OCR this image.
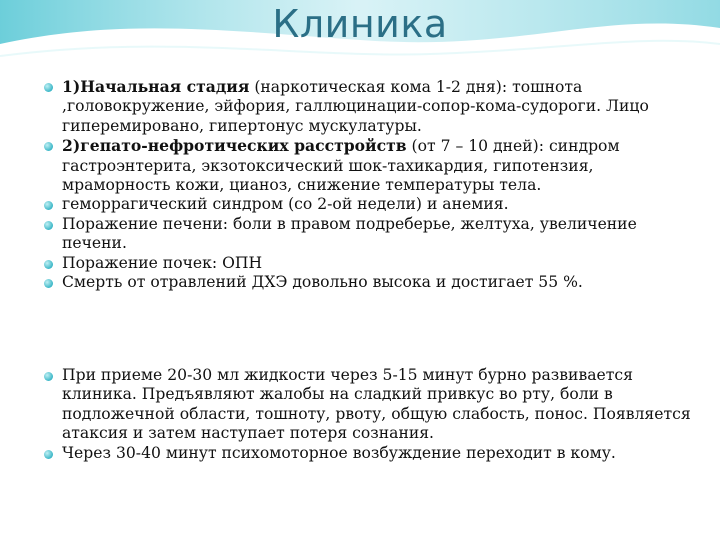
Клиника
1)Начальная стадия (наркотическая кома 1-2 дня): тошнота ,головокружение, эйфория, галлюцинации-сопор-кома-судороги. Лицо гиперемировано, гипертонус мускулатуры.
2)гепато-нефротических расстройств (от 7 – 10 дней): синдром гастроэнтерита, экзотоксический шок-тахикардия, гипотензия, мраморность кожи, цианоз, снижение температуры тела.
геморрагический синдром (со 2-ой недели) и анемия.
Поражение печени: боли в правом подреберье, желтуха, увеличение печени.
Поражение почек: ОПН
Смерть от отравлений ДХЭ довольно высока и достигает 55 %.
При приеме 20-30 мл жидкости через 5-15 минут бурно развивается клиника. Предъявляют жалобы на сладкий привкус во рту, боли в подложечной области, тошноту, рвоту, общую слабость, понос. Появляется атаксия и затем наступает потеря сознания.
Через 30-40 минут психомоторное возбуждение переходит в кому.
